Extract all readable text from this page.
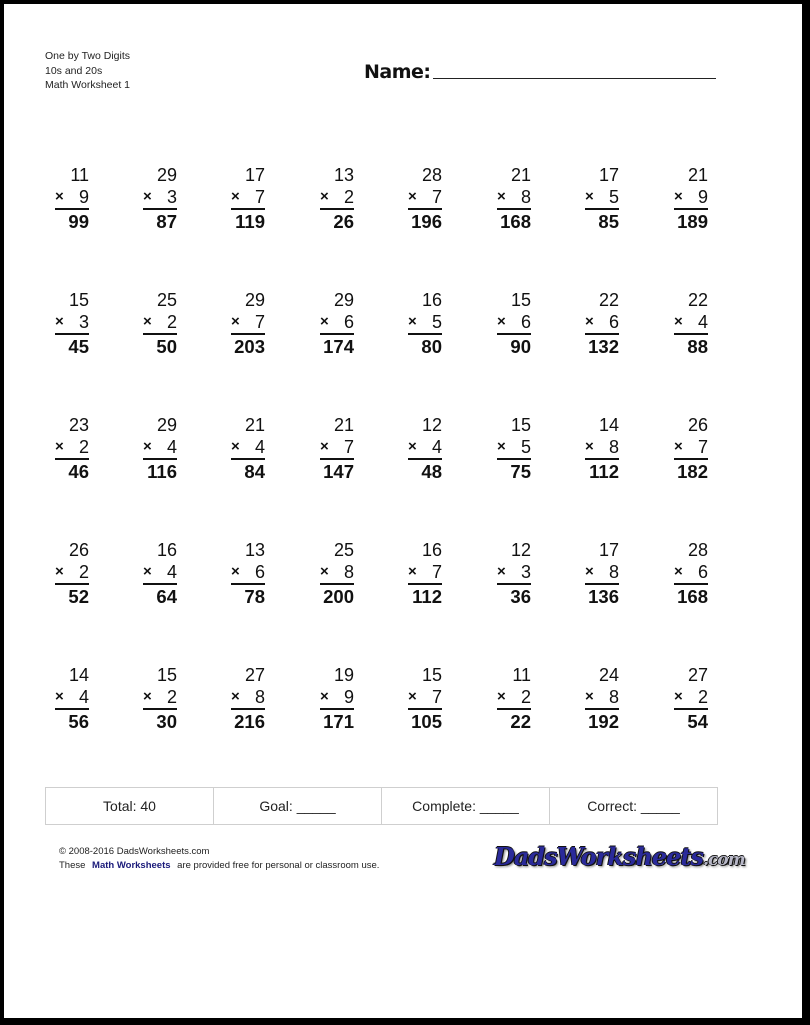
One by Two Digits
10s and 20s
Math Worksheet 1
Name:
11
× 9
99
29
× 3
87
17
× 7
119
13
× 2
26
28
× 7
196
21
× 8
168
17
× 5
85
21
× 9
189
15
× 3
45
25
× 2
50
29
× 7
203
29
× 6
174
16
× 5
80
15
× 6
90
22
× 6
132
22
× 4
88
23
× 2
46
29
× 4
116
21
× 4
84
21
× 7
147
12
× 4
48
15
× 5
75
14
× 8
112
26
× 7
182
26
× 2
52
16
× 4
64
13
× 6
78
25
× 8
200
16
× 7
112
12
× 3
36
17
× 8
136
28
× 6
168
14
× 4
56
15
× 2
30
27
× 8
216
19
× 9
171
15
× 7
105
11
× 2
22
24
× 8
192
27
× 2
54
Total: 40	Goal: _____	Complete: _____	Correct: _____
© 2008-2016 DadsWorksheets.com
These Math Worksheets are provided free for personal or classroom use.	DadsWorksheets.com
